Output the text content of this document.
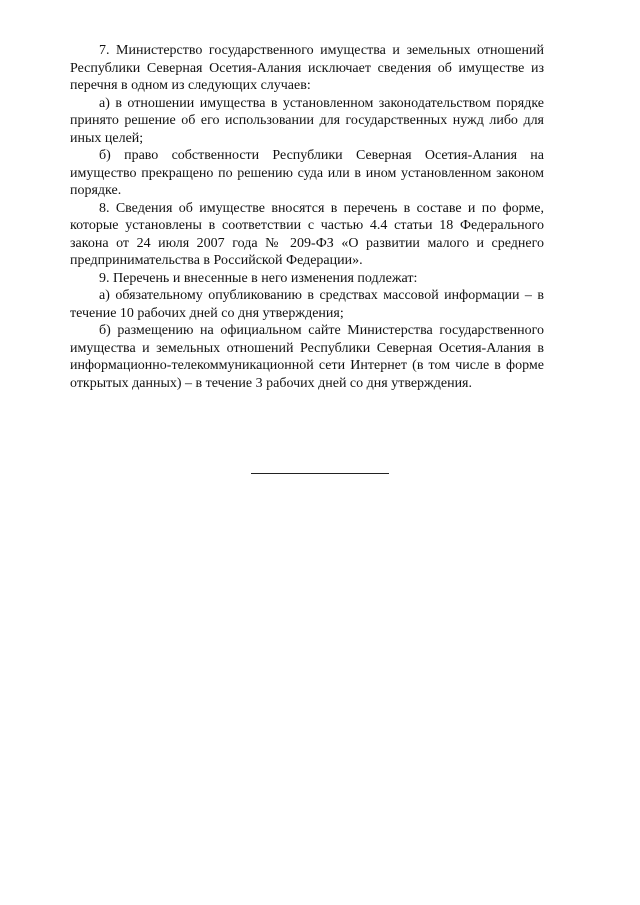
7. Министерство государственного имущества и земельных отношений Республики Северная Осетия-Алания исключает сведения об имуществе из перечня в одном из следующих случаев:

а) в отношении имущества в установленном законодательством порядке принято решение об его использовании для государственных нужд либо для иных целей;

б) право собственности Республики Северная Осетия-Алания на имущество прекращено по решению суда или в ином установленном законом порядке.

8. Сведения об имуществе вносятся в перечень в составе и по форме, которые установлены в соответствии с частью 4.4 статьи 18 Федерального закона от 24 июля 2007 года № 209-ФЗ «О развитии малого и среднего предпринимательства в Российской Федерации».

9. Перечень и внесенные в него изменения подлежат:

а) обязательному опубликованию в средствах массовой информации – в течение 10 рабочих дней со дня утверждения;

б) размещению на официальном сайте Министерства государственного имущества и земельных отношений Республики Северная Осетия-Алания в информационно-телекоммуникационной сети Интернет (в том числе в форме открытых данных) – в течение 3 рабочих дней со дня утверждения.
